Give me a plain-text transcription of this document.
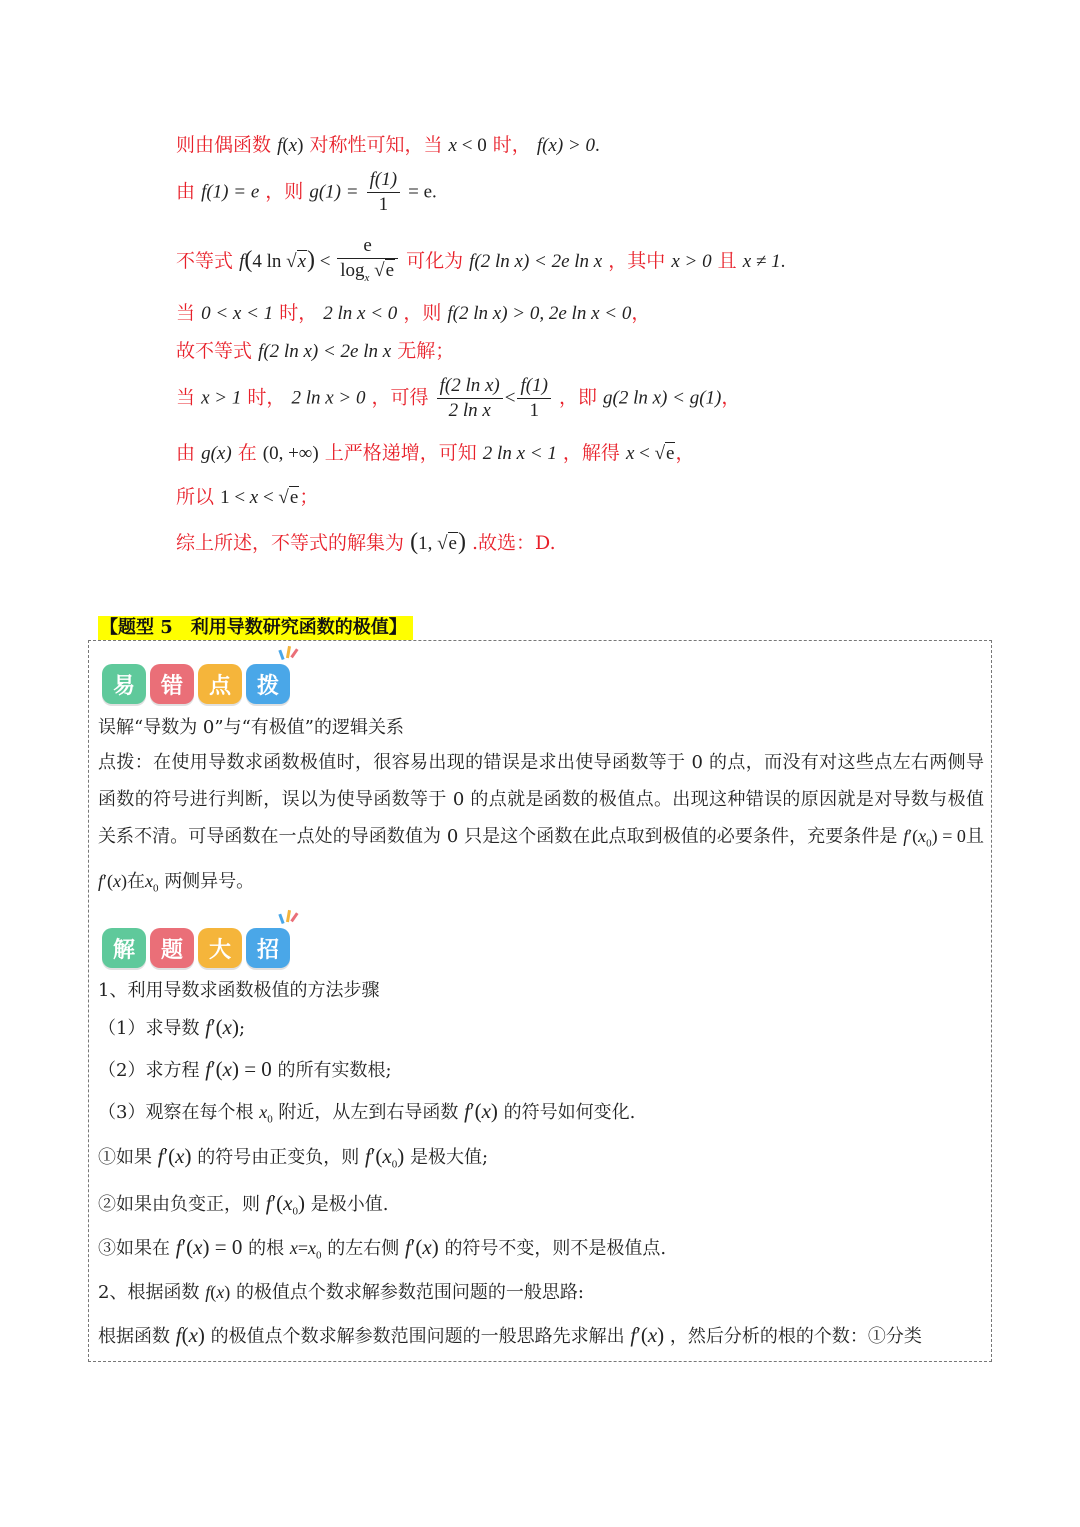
则由偶函数 f(x) 对称性可知，当 x < 0 时， f(x) > 0.
由 f(1) = e ，则 $g(1) = \frac{f(1)}{1} = e$.
不等式 f(4 $\ln √x) < \frac{e}{\log_x √e}$ 可化为 f(2 ln x) < 2e ln x ，其中 x > 0 且 x ≠ 1.
当 0 < x < 1 时， 2 ln x < 0 ，则 f(2 ln x) > 0, 2e ln x < 0，
故不等式 f(2 ln x) < 2e ln x 无解；
当 x > 1 时， 2 ln x > 0 ，可得 $\frac{\text{f(2 ln x)}}{\text{2 ln x}} < \frac{f(1)}{1}$ ，即 g(2 ln x) < g(1)，
由 g(x) 在 (0, +∞) 上严格递增，可知 2 ln x < 1 ，解得 x < √e，
所以 1 < x < √e；
综上所述，不等式的解集为 (1, √e) .故选：D.
【题型 5　利用导数研究函数的极值】
易	错	点	拨
误解“导数为 0”与“有极值”的逻辑关系
点拨：在使用导数求函数极值时，很容易出现的错误是求出使导函数等于 0 的点，而没有对这些点左右两侧导函数的符号进行判断，误以为使导函数等于 0 的点就是函数的极值点。出现这种错误的原因就是对导数与极值关系不清。可导函数在一点处的导函数值为 0 只是这个函数在此点取到极值的必要条件，充要条件是 $f'(x_0) = 0$且f′(x)在$x_0$ 两侧异号。
解	题	大	招
1、利用导数求函数极值的方法步骤
（1）求导数 f′(x);
（2）求方程 f′(x) = 0 的所有实数根;
（3）观察在每个根 $x_0$ 附近，从左到右导函数 f′(x) 的符号如何变化.
①如果 f′(x) 的符号由正变负，则 $f'(x_0)$ 是极大值;
②如果由负变正，则 $f'(x_0)$ 是极小值.
③如果在 f′(x) = 0 的根 $x=x_0$ 的左右侧 f′(x) 的符号不变，则不是极值点.
2、根据函数 f(x) 的极值点个数求解参数范围问题的一般思路:
根据函数 f(x) 的极值点个数求解参数范围问题的一般思路先求解出 f′(x) ，然后分析的根的个数：①分类
